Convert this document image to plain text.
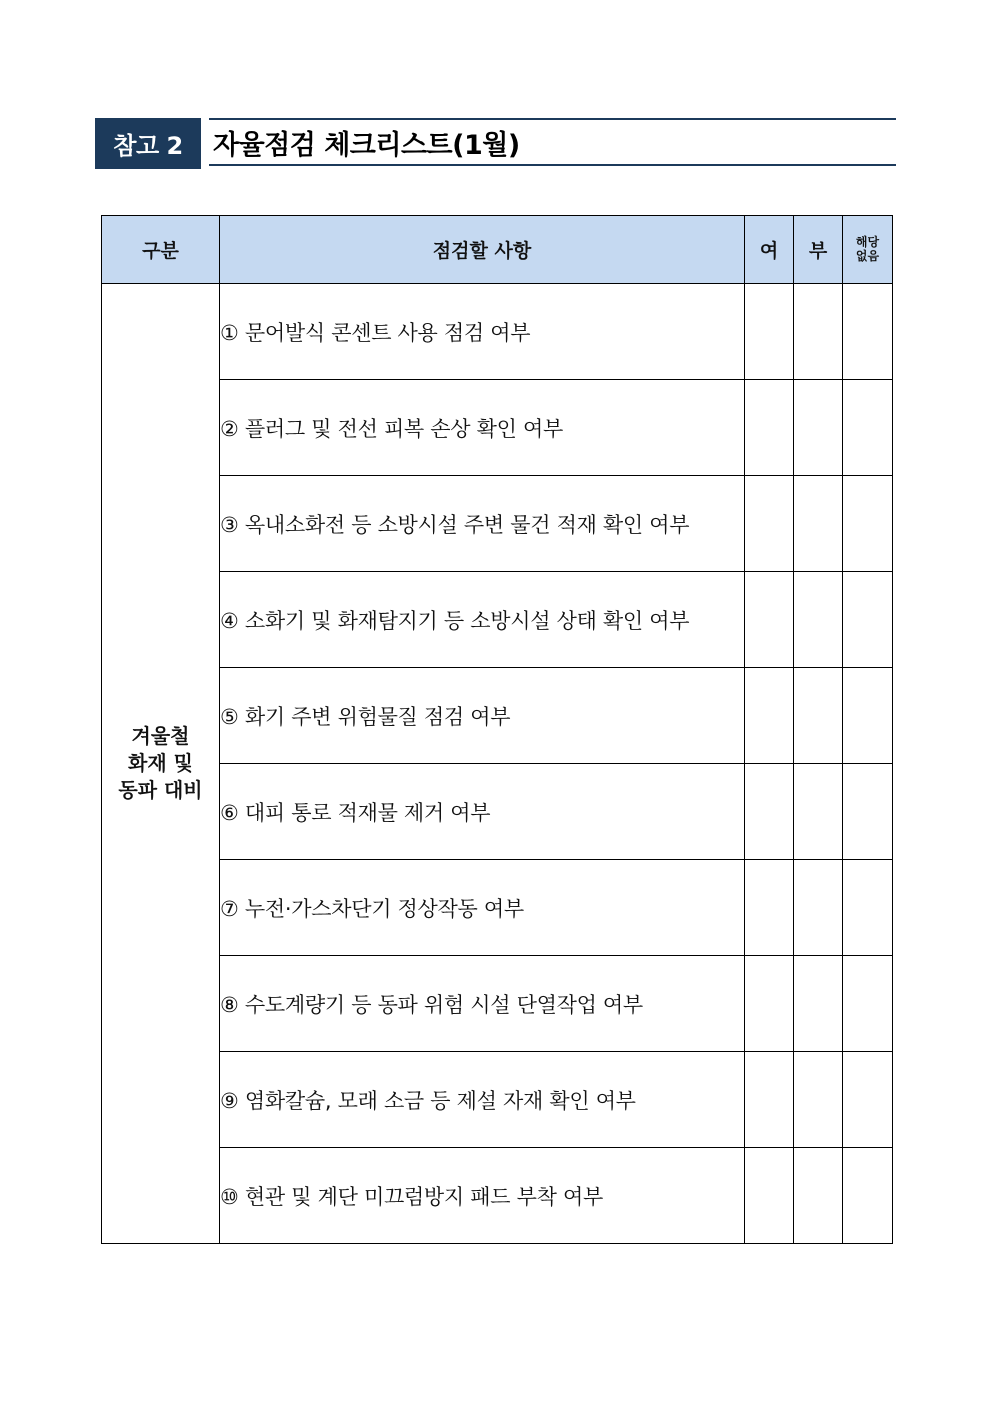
참고 2	자율점검 체크리스트(1월)
구분	점검할 사항	여	부	해당
없음

겨울철
화재 및
동파 대비	① 문어발식 콘센트 사용 점검 여부			
	② 플러그 및 전선 피복 손상 확인 여부			
	③ 옥내소화전 등 소방시설 주변 물건 적재 확인 여부			
	④ 소화기 및 화재탐지기 등 소방시설 상태 확인 여부			
	⑤ 화기 주변 위험물질 점검 여부			
	⑥ 대피 통로 적재물 제거 여부			
	⑦ 누전·가스차단기 정상작동 여부			
	⑧ 수도계량기 등 동파 위험 시설 단열작업 여부			
	⑨ 염화칼슘, 모래 소금 등 제설 자재 확인 여부			
	⑩ 현관 및 계단 미끄럼방지 패드 부착 여부			
